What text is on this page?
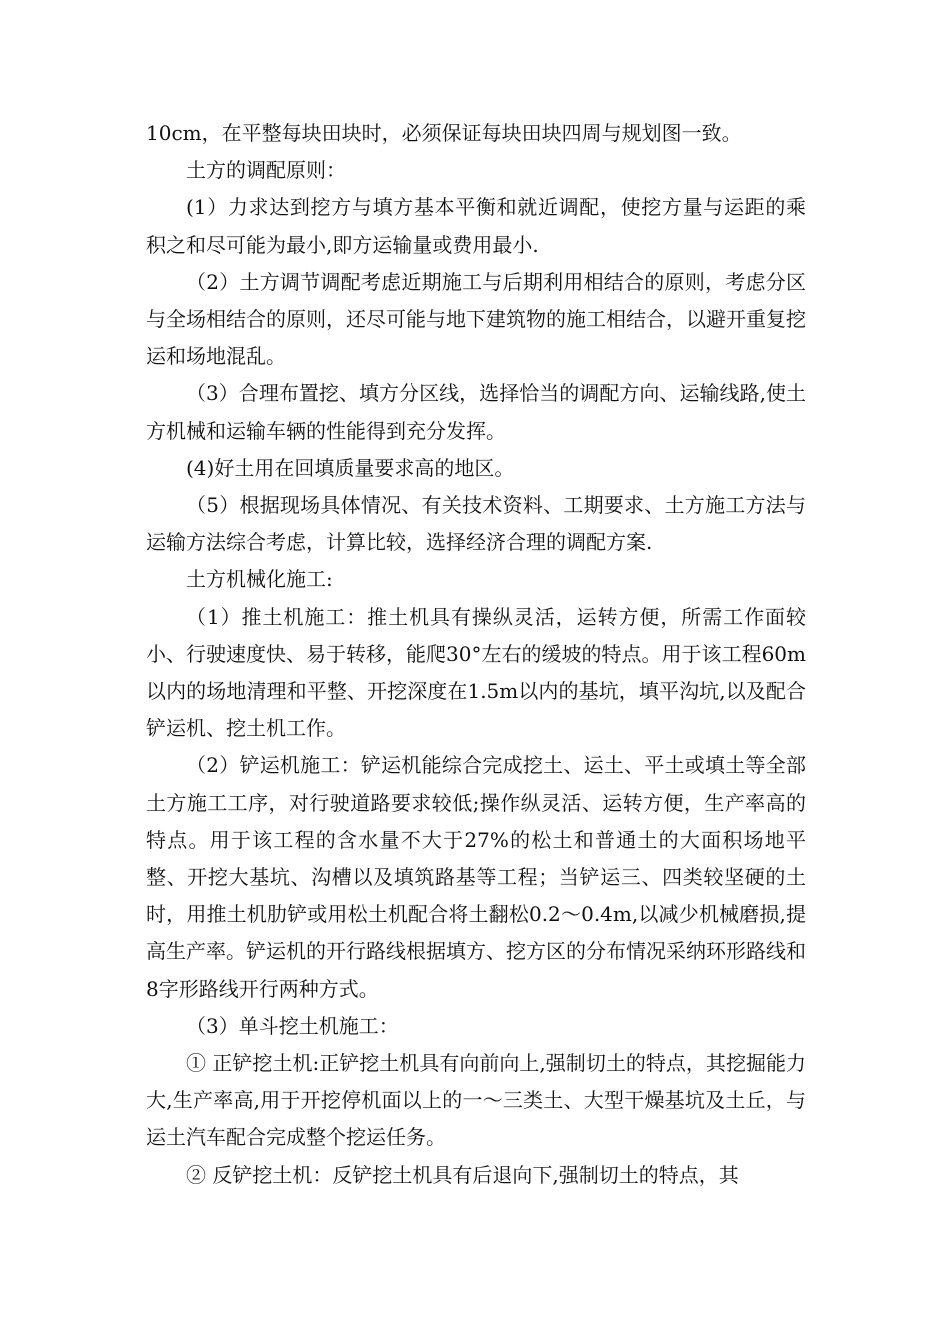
10cm，在平整每块田块时，必须保证每块田块四周与规划图一致。

土方的调配原则：

(1）力求达到挖方与填方基本平衡和就近调配，使挖方量与运距的乘积之和尽可能为最小,即方运输量或费用最小.

（2）土方调节调配考虑近期施工与后期利用相结合的原则，考虑分区与全场相结合的原则，还尽可能与地下建筑物的施工相结合，以避开重复挖运和场地混乱。

（3）合理布置挖、填方分区线，选择恰当的调配方向、运输线路,使土方机械和运输车辆的性能得到充分发挥。

(4)好土用在回填质量要求高的地区。

（5）根据现场具体情况、有关技术资料、工期要求、土方施工方法与运输方法综合考虑，计算比较，选择经济合理的调配方案.

土方机械化施工:

（1）推土机施工：推土机具有操纵灵活，运转方便，所需工作面较小、行驶速度快、易于转移，能爬30°左右的缓坡的特点。用于该工程60m以内的场地清理和平整、开挖深度在1.5m以内的基坑，填平沟坑,以及配合铲运机、挖土机工作。

（2）铲运机施工：铲运机能综合完成挖土、运土、平土或填土等全部土方施工工序，对行驶道路要求较低;操作纵灵活、运转方便，生产率高的特点。用于该工程的含水量不大于27%的松土和普通土的大面积场地平整、开挖大基坑、沟槽以及填筑路基等工程；当铲运三、四类较坚硬的土时，用推土机肋铲或用松土机配合将土翻松0.2～0.4m,以减少机械磨损,提高生产率。铲运机的开行路线根据填方、挖方区的分布情况采纳环形路线和8字形路线开行两种方式。

（3）单斗挖土机施工：

① 正铲挖土机:正铲挖土机具有向前向上,强制切土的特点，其挖掘能力大,生产率高,用于开挖停机面以上的一～三类土、大型干燥基坑及土丘，与运土汽车配合完成整个挖运任务。

② 反铲挖土机：反铲挖土机具有后退向下,强制切土的特点，其
